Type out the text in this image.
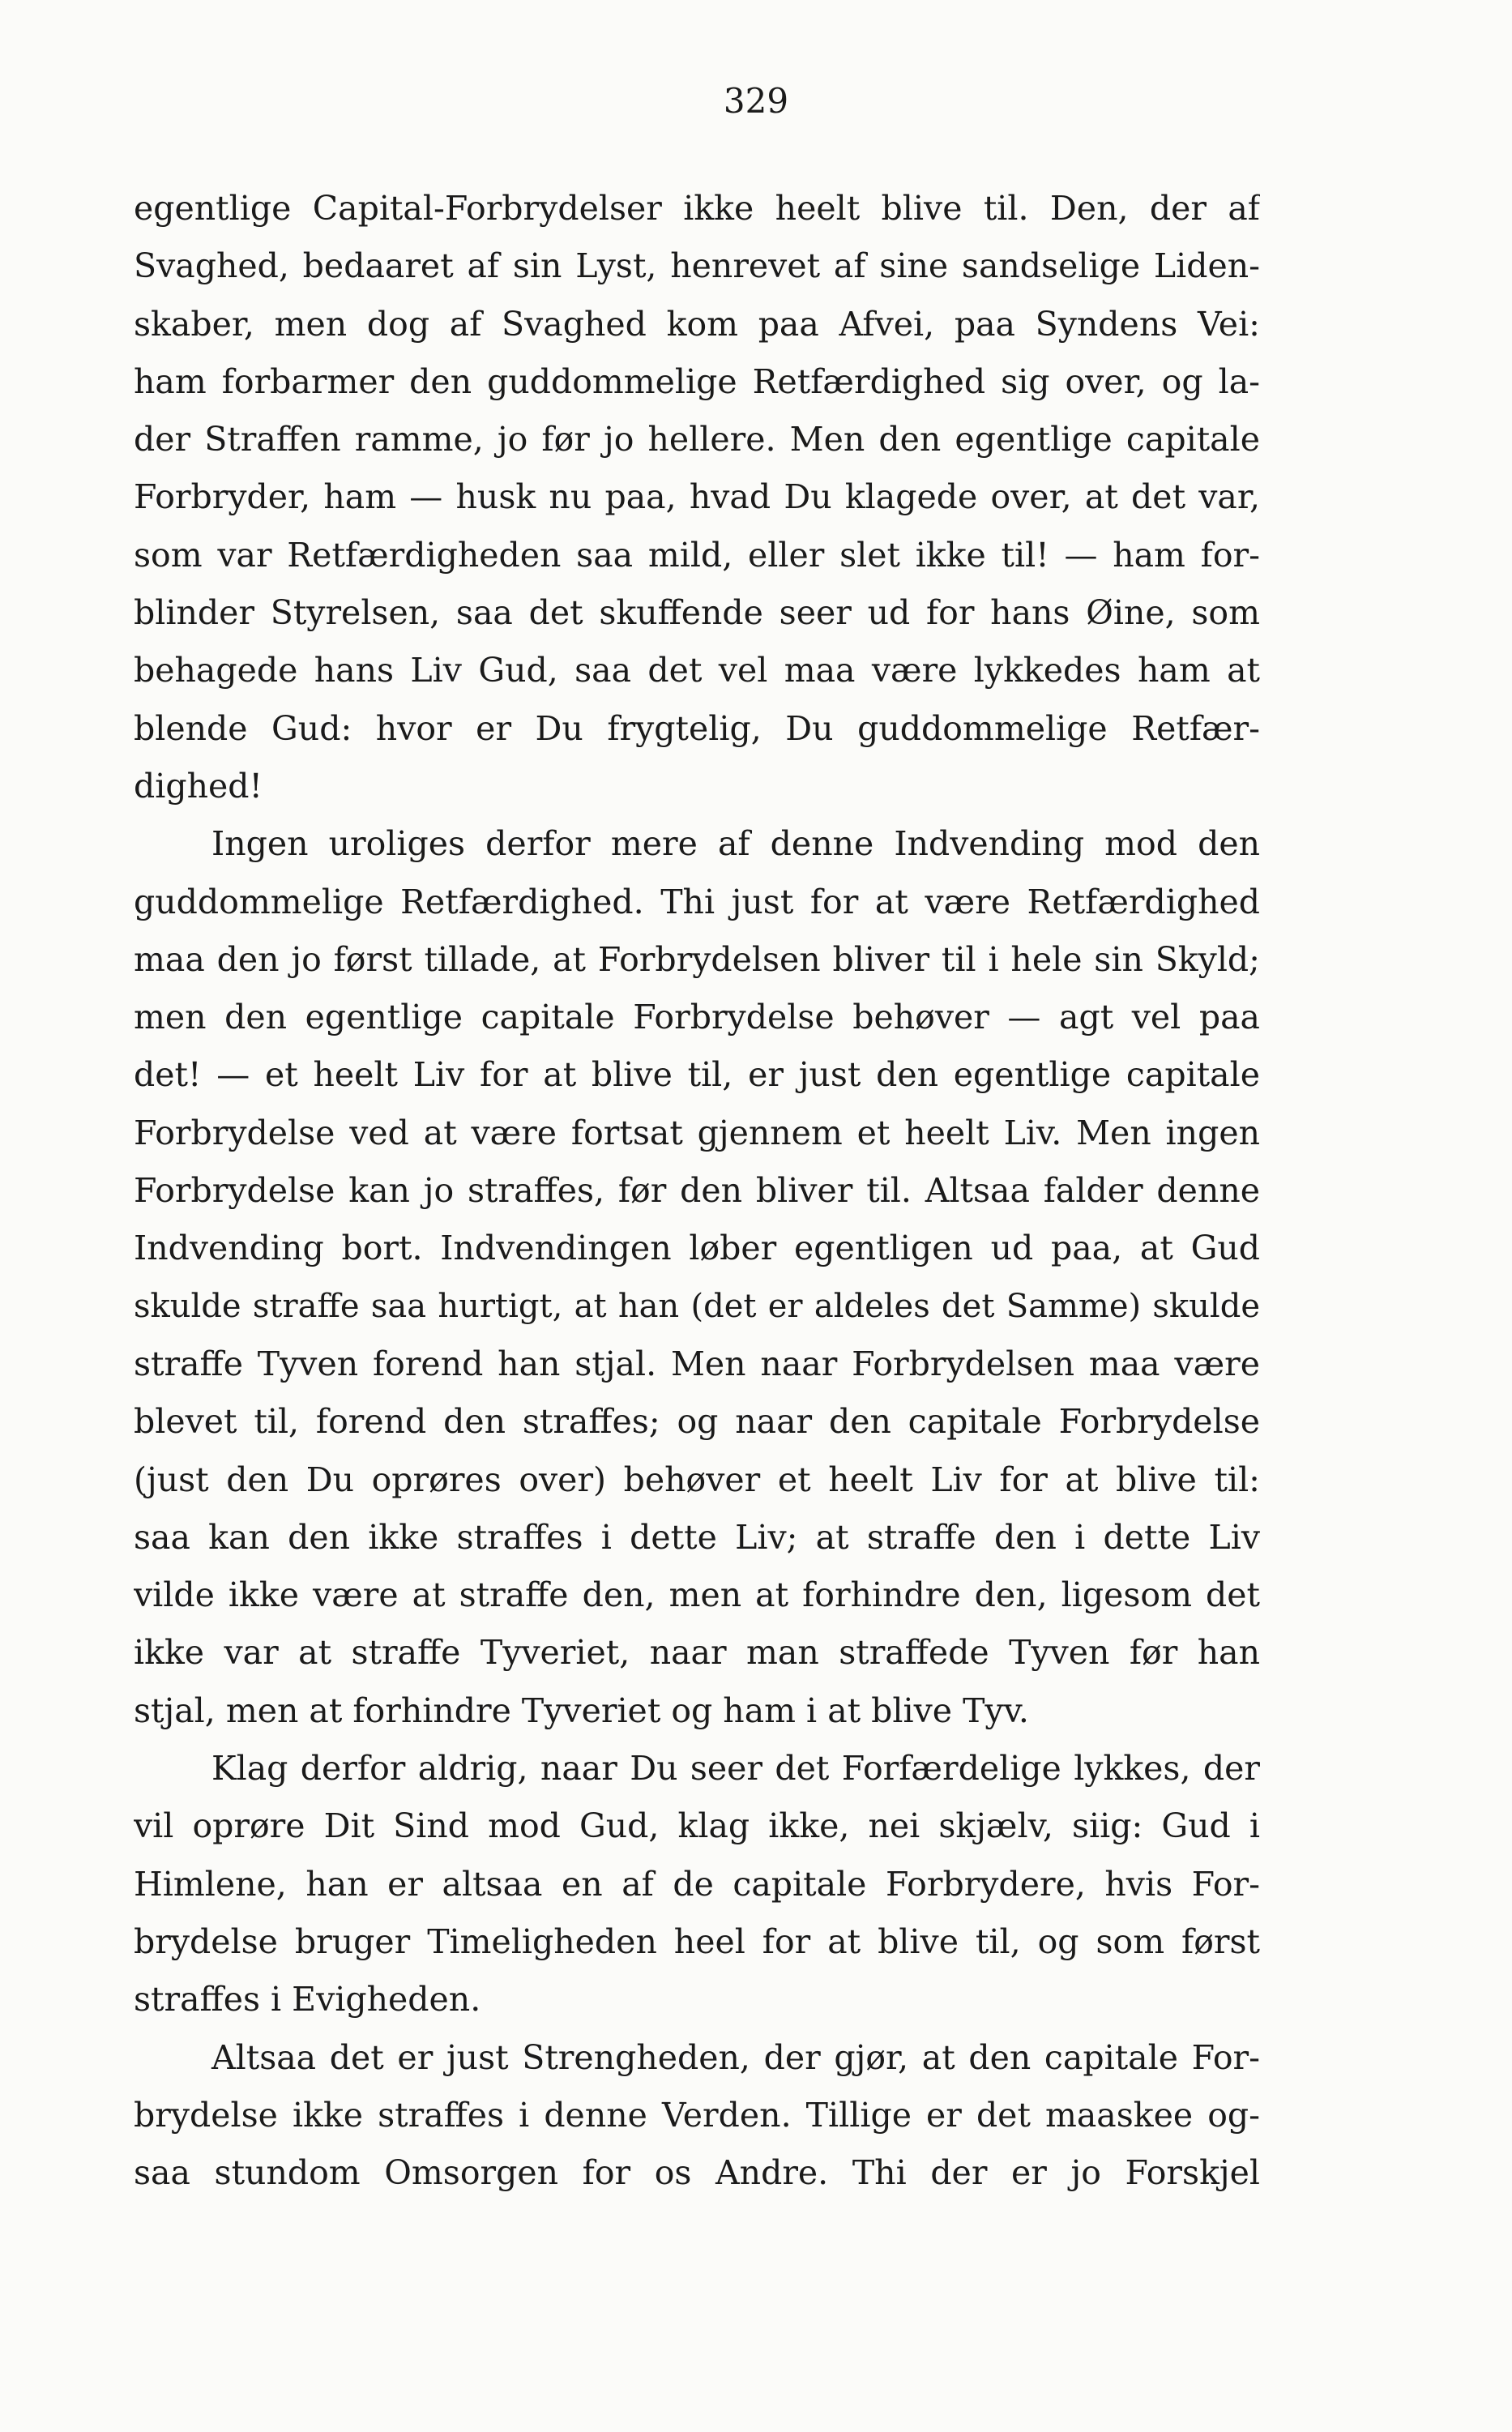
329
egentlige Capital-Forbrydelser ikke heelt blive til. Den, der af
Svaghed, bedaaret af sin Lyst, henrevet af sine sandselige Liden-
skaber, men dog af Svaghed kom paa Afvei, paa Syndens Vei:
ham forbarmer den guddommelige Retfærdighed sig over, og la-
der Straffen ramme, jo før jo hellere. Men den egentlige capitale
Forbryder, ham — husk nu paa, hvad Du klagede over, at det var,
som var Retfærdigheden saa mild, eller slet ikke til! — ham for-
blinder Styrelsen, saa det skuffende seer ud for hans Øine, som
behagede hans Liv Gud, saa det vel maa være lykkedes ham at
blende Gud: hvor er Du frygtelig, Du guddommelige Retfær-
dighed!
Ingen uroliges derfor mere af denne Indvending mod den
guddommelige Retfærdighed. Thi just for at være Retfærdighed
maa den jo først tillade, at Forbrydelsen bliver til i hele sin Skyld;
men den egentlige capitale Forbrydelse behøver — agt vel paa
det! — et heelt Liv for at blive til, er just den egentlige capitale
Forbrydelse ved at være fortsat gjennem et heelt Liv. Men ingen
Forbrydelse kan jo straffes, før den bliver til. Altsaa falder denne
Indvending bort. Indvendingen løber egentligen ud paa, at Gud
skulde straffe saa hurtigt, at han (det er aldeles det Samme) skulde
straffe Tyven forend han stjal. Men naar Forbrydelsen maa være
blevet til, forend den straffes; og naar den capitale Forbrydelse
(just den Du oprøres over) behøver et heelt Liv for at blive til:
saa kan den ikke straffes i dette Liv; at straffe den i dette Liv
vilde ikke være at straffe den, men at forhindre den, ligesom det
ikke var at straffe Tyveriet, naar man straffede Tyven før han
stjal, men at forhindre Tyveriet og ham i at blive Tyv.
Klag derfor aldrig, naar Du seer det Forfærdelige lykkes, der
vil oprøre Dit Sind mod Gud, klag ikke, nei skjælv, siig: Gud i
Himlene, han er altsaa en af de capitale Forbrydere, hvis For-
brydelse bruger Timeligheden heel for at blive til, og som først
straffes i Evigheden.
Altsaa det er just Strengheden, der gjør, at den capitale For-
brydelse ikke straffes i denne Verden. Tillige er det maaskee og-
saa stundom Omsorgen for os Andre. Thi der er jo Forskjel
